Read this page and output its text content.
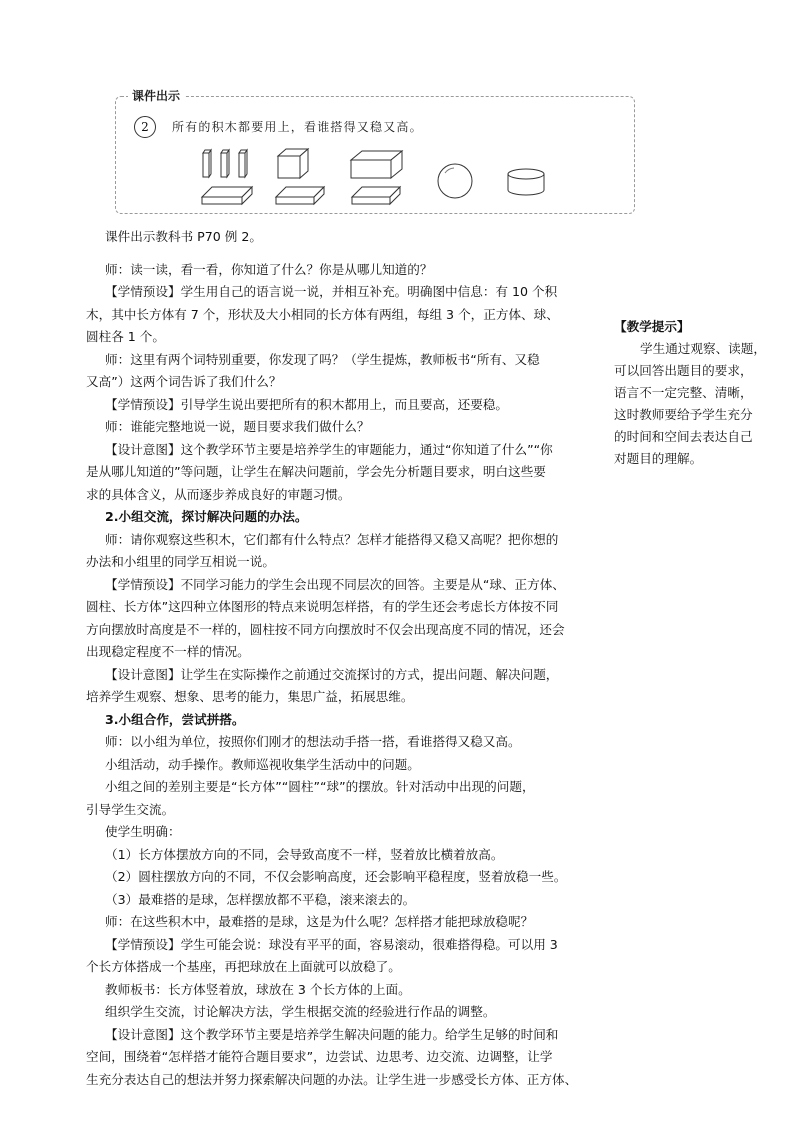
课件出示
2	所有的积木都要用上，看谁搭得又稳又高。
课件出示教科书 P70 例 2。
师：读一读，看一看，你知道了什么？你是从哪儿知道的？
【学情预设】学生用自己的语言说一说，并相互补充。明确图中信息：有 10 个积
木，其中长方体有 7 个，形状及大小相同的长方体有两组，每组 3 个，正方体、球、
圆柱各 1 个。
师：这里有两个词特别重要，你发现了吗？（学生提炼，教师板书“所有、又稳
又高”）这两个词告诉了我们什么？
【学情预设】引导学生说出要把所有的积木都用上，而且要高，还要稳。
师：谁能完整地说一说，题目要求我们做什么？
【设计意图】这个教学环节主要是培养学生的审题能力，通过“你知道了什么”“你
是从哪儿知道的”等问题，让学生在解决问题前，学会先分析题目要求，明白这些要
求的具体含义，从而逐步养成良好的审题习惯。
2.小组交流，探讨解决问题的办法。
师：请你观察这些积木，它们都有什么特点？怎样才能搭得又稳又高呢？把你想的
办法和小组里的同学互相说一说。
【学情预设】不同学习能力的学生会出现不同层次的回答。主要是从“球、正方体、
圆柱、长方体”这四种立体图形的特点来说明怎样搭，有的学生还会考虑长方体按不同
方向摆放时高度是不一样的，圆柱按不同方向摆放时不仅会出现高度不同的情况，还会
出现稳定程度不一样的情况。
【设计意图】让学生在实际操作之前通过交流探讨的方式，提出问题、解决问题，
培养学生观察、想象、思考的能力，集思广益，拓展思维。
3.小组合作，尝试拼搭。
师：以小组为单位，按照你们刚才的想法动手搭一搭，看谁搭得又稳又高。
小组活动，动手操作。教师巡视收集学生活动中的问题。
小组之间的差别主要是“长方体”“圆柱”“球”的摆放。针对活动中出现的问题，
引导学生交流。
使学生明确：
（1）长方体摆放方向的不同，会导致高度不一样，竖着放比横着放高。
（2）圆柱摆放方向的不同，不仅会影响高度，还会影响平稳程度，竖着放稳一些。
（3）最难搭的是球，怎样摆放都不平稳，滚来滚去的。
师：在这些积木中，最难搭的是球，这是为什么呢？怎样搭才能把球放稳呢？
【学情预设】学生可能会说：球没有平平的面，容易滚动，很难搭得稳。可以用 3
个长方体搭成一个基座，再把球放在上面就可以放稳了。
教师板书：长方体竖着放，球放在 3 个长方体的上面。
组织学生交流，讨论解决方法，学生根据交流的经验进行作品的调整。
【设计意图】这个教学环节主要是培养学生解决问题的能力。给学生足够的时间和
空间，围绕着“怎样搭才能符合题目要求”，边尝试、边思考、边交流、边调整，让学
生充分表达自己的想法并努力探索解决问题的办法。让学生进一步感受长方体、正方体、
【教学提示】
学生通过观察、读题，
可以回答出题目的要求，
语言不一定完整、清晰，
这时教师要给予学生充分
的时间和空间去表达自己
对题目的理解。
